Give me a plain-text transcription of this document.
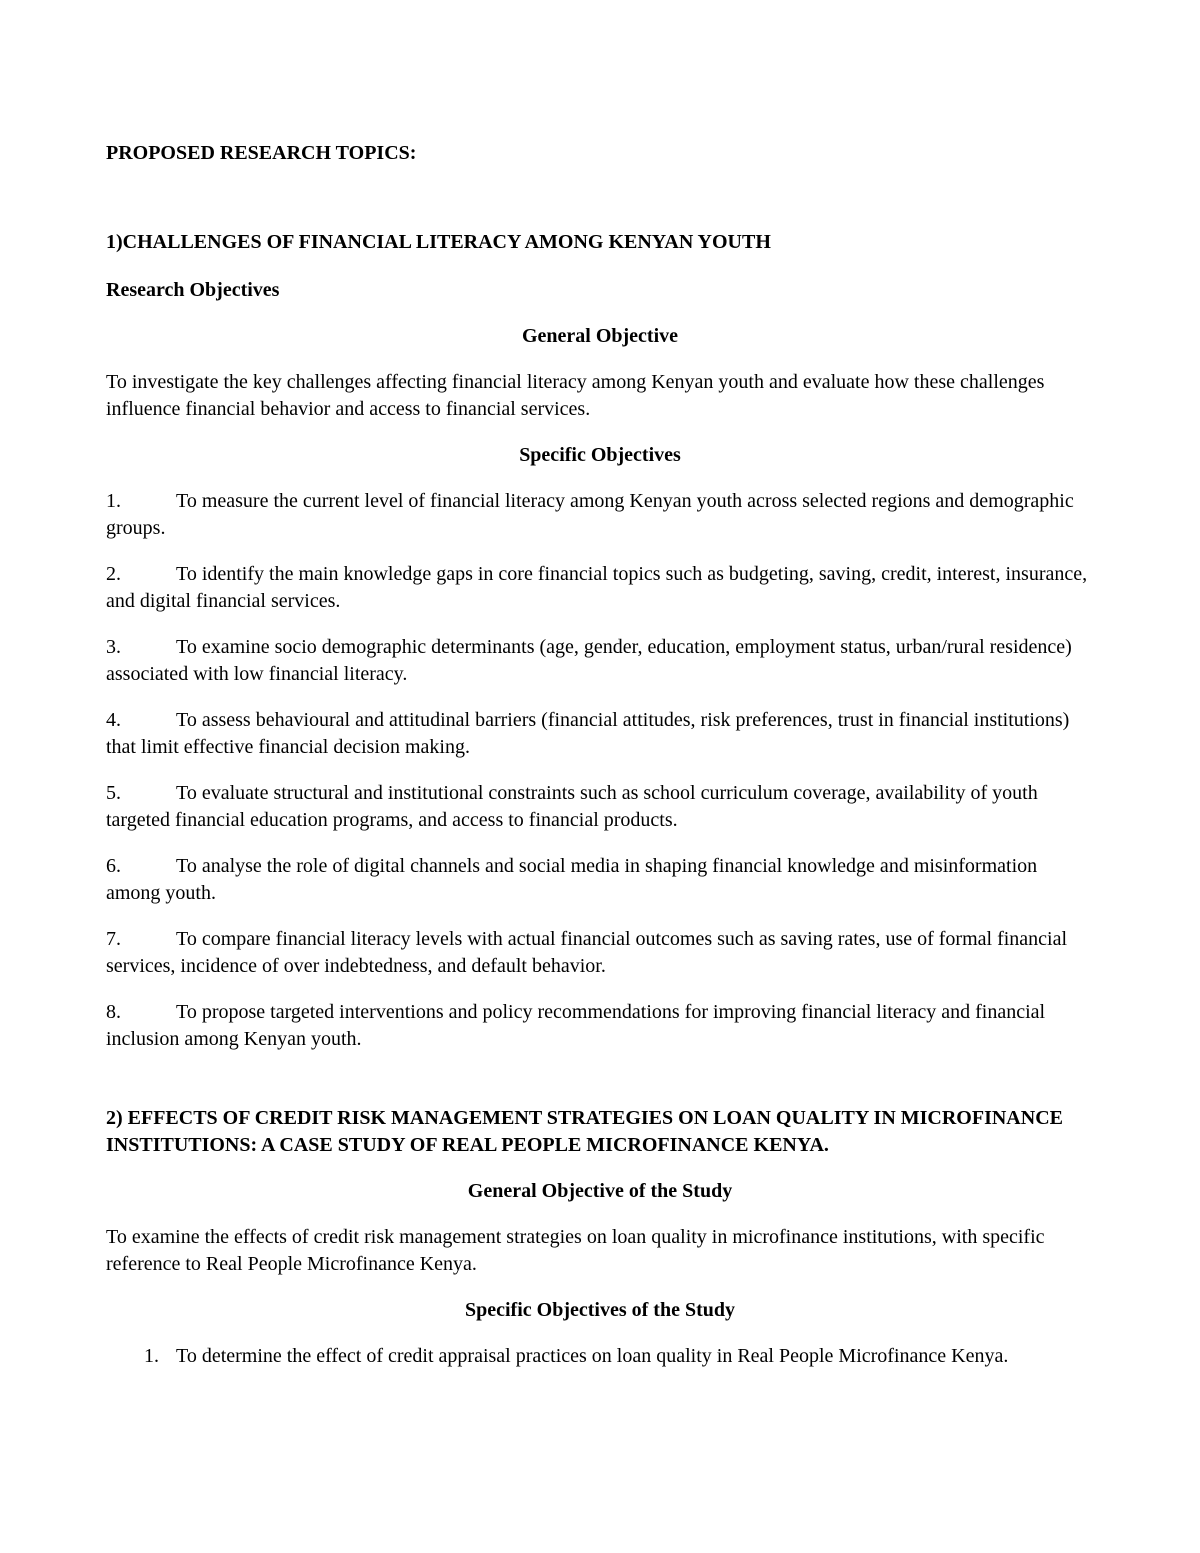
PROPOSED RESEARCH TOPICS:

1)CHALLENGES OF FINANCIAL LITERACY AMONG KENYAN YOUTH

Research Objectives

General Objective

To investigate the key challenges affecting financial literacy among Kenyan youth and evaluate how these challenges influence financial behavior and access to financial services.

Specific Objectives

1.	To measure the current level of financial literacy among Kenyan youth across selected regions and demographic groups.
2.	To identify the main knowledge gaps in core financial topics such as budgeting, saving, credit, interest, insurance, and digital financial services.
3.	To examine socio demographic determinants (age, gender, education, employment status, urban/rural residence) associated with low financial literacy.
4.	To assess behavioural and attitudinal barriers (financial attitudes, risk preferences, trust in financial institutions) that limit effective financial decision making.
5.	To evaluate structural and institutional constraints such as school curriculum coverage, availability of youth targeted financial education programs, and access to financial products.
6.	To analyse the role of digital channels and social media in shaping financial knowledge and misinformation among youth.
7.	To compare financial literacy levels with actual financial outcomes such as saving rates, use of formal financial services, incidence of over indebtedness, and default behavior.
8.	To propose targeted interventions and policy recommendations for improving financial literacy and financial inclusion among Kenyan youth.

2) EFFECTS OF CREDIT RISK MANAGEMENT STRATEGIES ON LOAN QUALITY IN MICROFINANCE INSTITUTIONS: A CASE STUDY OF REAL PEOPLE MICROFINANCE KENYA.

General Objective of the Study

To examine the effects of credit risk management strategies on loan quality in microfinance institutions, with specific reference to Real People Microfinance Kenya.

Specific Objectives of the Study

1. To determine the effect of credit appraisal practices on loan quality in Real People Microfinance Kenya.
